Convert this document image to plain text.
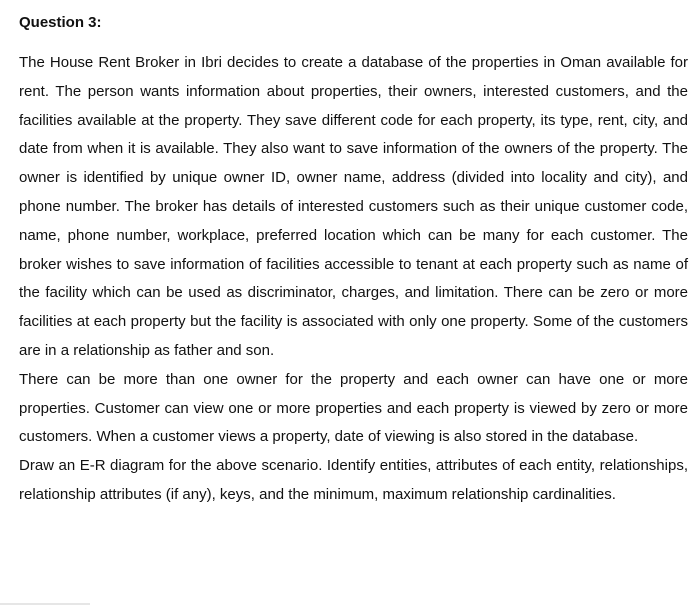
Question 3:

The House Rent Broker in Ibri decides to create a database of the properties in Oman available for rent. The person wants information about properties, their owners, interested customers, and the facilities available at the property. They save different code for each property, its type, rent, city, and date from when it is available. They also want to save information of the owners of the property. The owner is identified by unique owner ID, owner name, address (divided into locality and city), and phone number. The broker has details of interested customers such as their unique customer code, name, phone number, workplace, preferred location which can be many for each customer. The broker wishes to save information of facilities accessible to tenant at each property such as name of the facility which can be used as discriminator, charges, and limitation. There can be zero or more facilities at each property but the facility is associated with only one property. Some of the customers are in a relationship as father and son.

There can be more than one owner for the property and each owner can have one or more properties. Customer can view one or more properties and each property is viewed by zero or more customers. When a customer views a property, date of viewing is also stored in the database.

Draw an E-R diagram for the above scenario. Identify entities, attributes of each entity, relationships, relationship attributes (if any), keys, and the minimum, maximum relationship cardinalities.
